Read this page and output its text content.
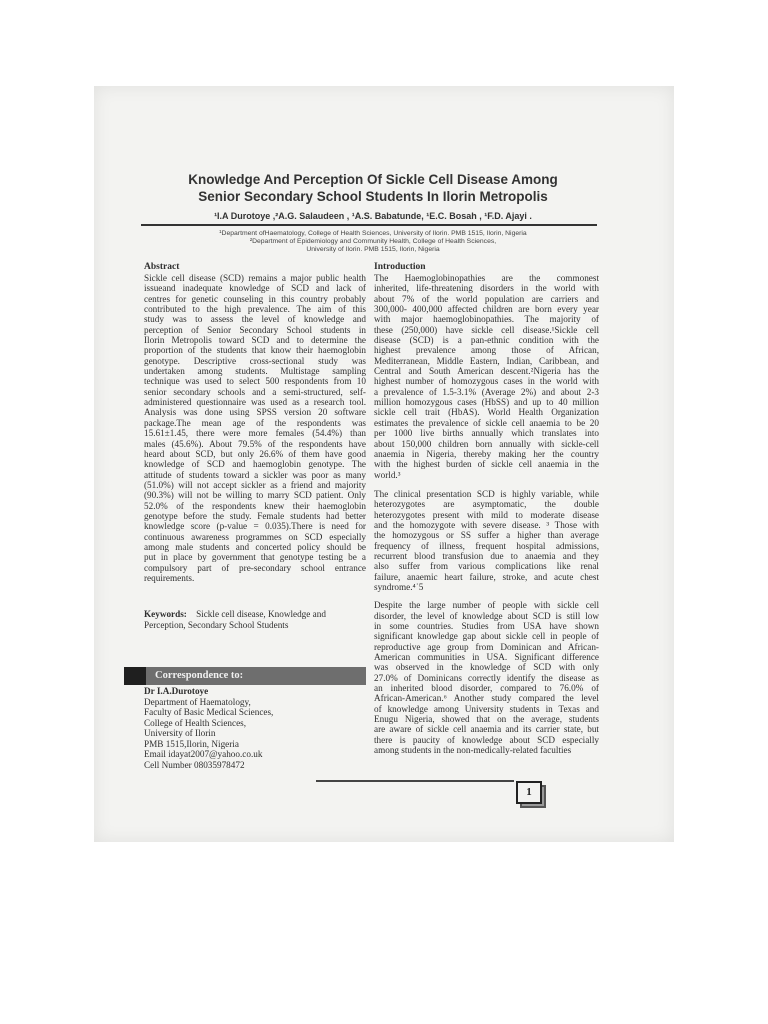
Knowledge And Perception Of Sickle Cell Disease Among
Senior Secondary School Students In Ilorin Metropolis
¹I.A Durotoye ,²A.G. Salaudeen , ¹A.S. Babatunde, ¹E.C. Bosah , ¹F.D. Ajayi .
¹Department ofHaematology, College of Health Sciences, University of Ilorin. PMB 1515, Ilorin, Nigeria
²Department of Epidemiology and Community Health, College of Health Sciences,
University of Ilorin. PMB 1515, Ilorin, Nigeria
Abstract
Sickle cell disease (SCD) remains a major public health
issueand inadequate knowledge of SCD and lack of
centres for genetic counseling in this country probably
contributed to the high prevalence. The aim of this
study was to assess the level of knowledge and
perception of Senior Secondary School students in
Ilorin Metropolis toward SCD and to determine the
proportion of the students that know their haemoglobin
genotype. Descriptive cross-sectional study was
undertaken among students. Multistage sampling
technique was used to select 500 respondents from 10
senior secondary schools and a semi-structured, self-
administered questionnaire was used as a research tool.
Analysis was done using SPSS version 20 software
package.The mean age of the respondents was
15.61±1.45, there were more females (54.4%) than
males (45.6%). About 79.5% of the respondents have
heard about SCD, but only 26.6% of them have good
knowledge of SCD and haemoglobin genotype. The
attitude of students toward a sickler was poor as many
(51.0%) will not accept sickler as a friend and majority
(90.3%) will not be willing to marry SCD patient. Only
52.0% of the respondents knew their haemoglobin
genotype before the study. Female students had better
knowledge score (p-value = 0.035).There is need for
continuous awareness programmes on SCD especially
among male students and concerted policy should be
put in place by government that genotype testing be a
compulsory part of pre-secondary school entrance
requirements.
Keywords: Sickle cell disease, Knowledge and
Perception, Secondary School Students
Correspondence to:
Dr I.A.Durotoye
Department of Haematology,
Faculty of Basic Medical Sciences,
College of Health Sciences,
University of Ilorin
PMB 1515,Ilorin, Nigeria
Email idayat2007@yahoo.co.uk
Cell Number 08035978472
Introduction
The Haemoglobinopathies are the commonest
inherited, life-threatening disorders in the world with
about 7% of the world population are carriers and
300,000- 400,000 affected children are born every year
with major haemoglobinopathies. The majority of
these (250,000) have sickle cell disease.¹Sickle cell
disease (SCD) is a pan-ethnic condition with the
highest prevalence among those of African,
Mediterranean, Middle Eastern, Indian, Caribbean, and
Central and South American descent.²Nigeria has the
highest number of homozygous cases in the world with
a prevalence of 1.5-3.1% (Average 2%) and about 2-3
million homozygous cases (HbSS) and up to 40 million
sickle cell trait (HbAS). World Health Organization
estimates the prevalence of sickle cell anaemia to be 20
per 1000 live births annually which translates into
about 150,000 children born annually with sickle-cell
anaemia in Nigeria, thereby making her the country
with the highest burden of sickle cell anaemia in the
world.³
The clinical presentation SCD is highly variable, while
heterozygotes are asymptomatic, the double
heterozygotes present with mild to moderate disease
and the homozygote with severe disease. ³ Those with
the homozygous or SS suffer a higher than average
frequency of illness, frequent hospital admissions,
recurrent blood transfusion due to anaemia and they
also suffer from various complications like renal
failure, anaemic heart failure, stroke, and acute chest
syndrome.⁴˙5
Despite the large number of people with sickle cell
disorder, the level of knowledge about SCD is still low
in some countries. Studies from USA have shown
significant knowledge gap about sickle cell in people of
reproductive age group from Dominican and African-
American communities in USA. Significant difference
was observed in the knowledge of SCD with only
27.0% of Dominicans correctly identify the disease as
an inherited blood disorder, compared to 76.0% of
African-American.⁶ Another study compared the level
of knowledge among University students in Texas and
Enugu Nigeria, showed that on the average, students
are aware of sickle cell anaemia and its carrier state, but
there is paucity of knowledge about SCD especially
among students in the non-medically-related faculties
1
